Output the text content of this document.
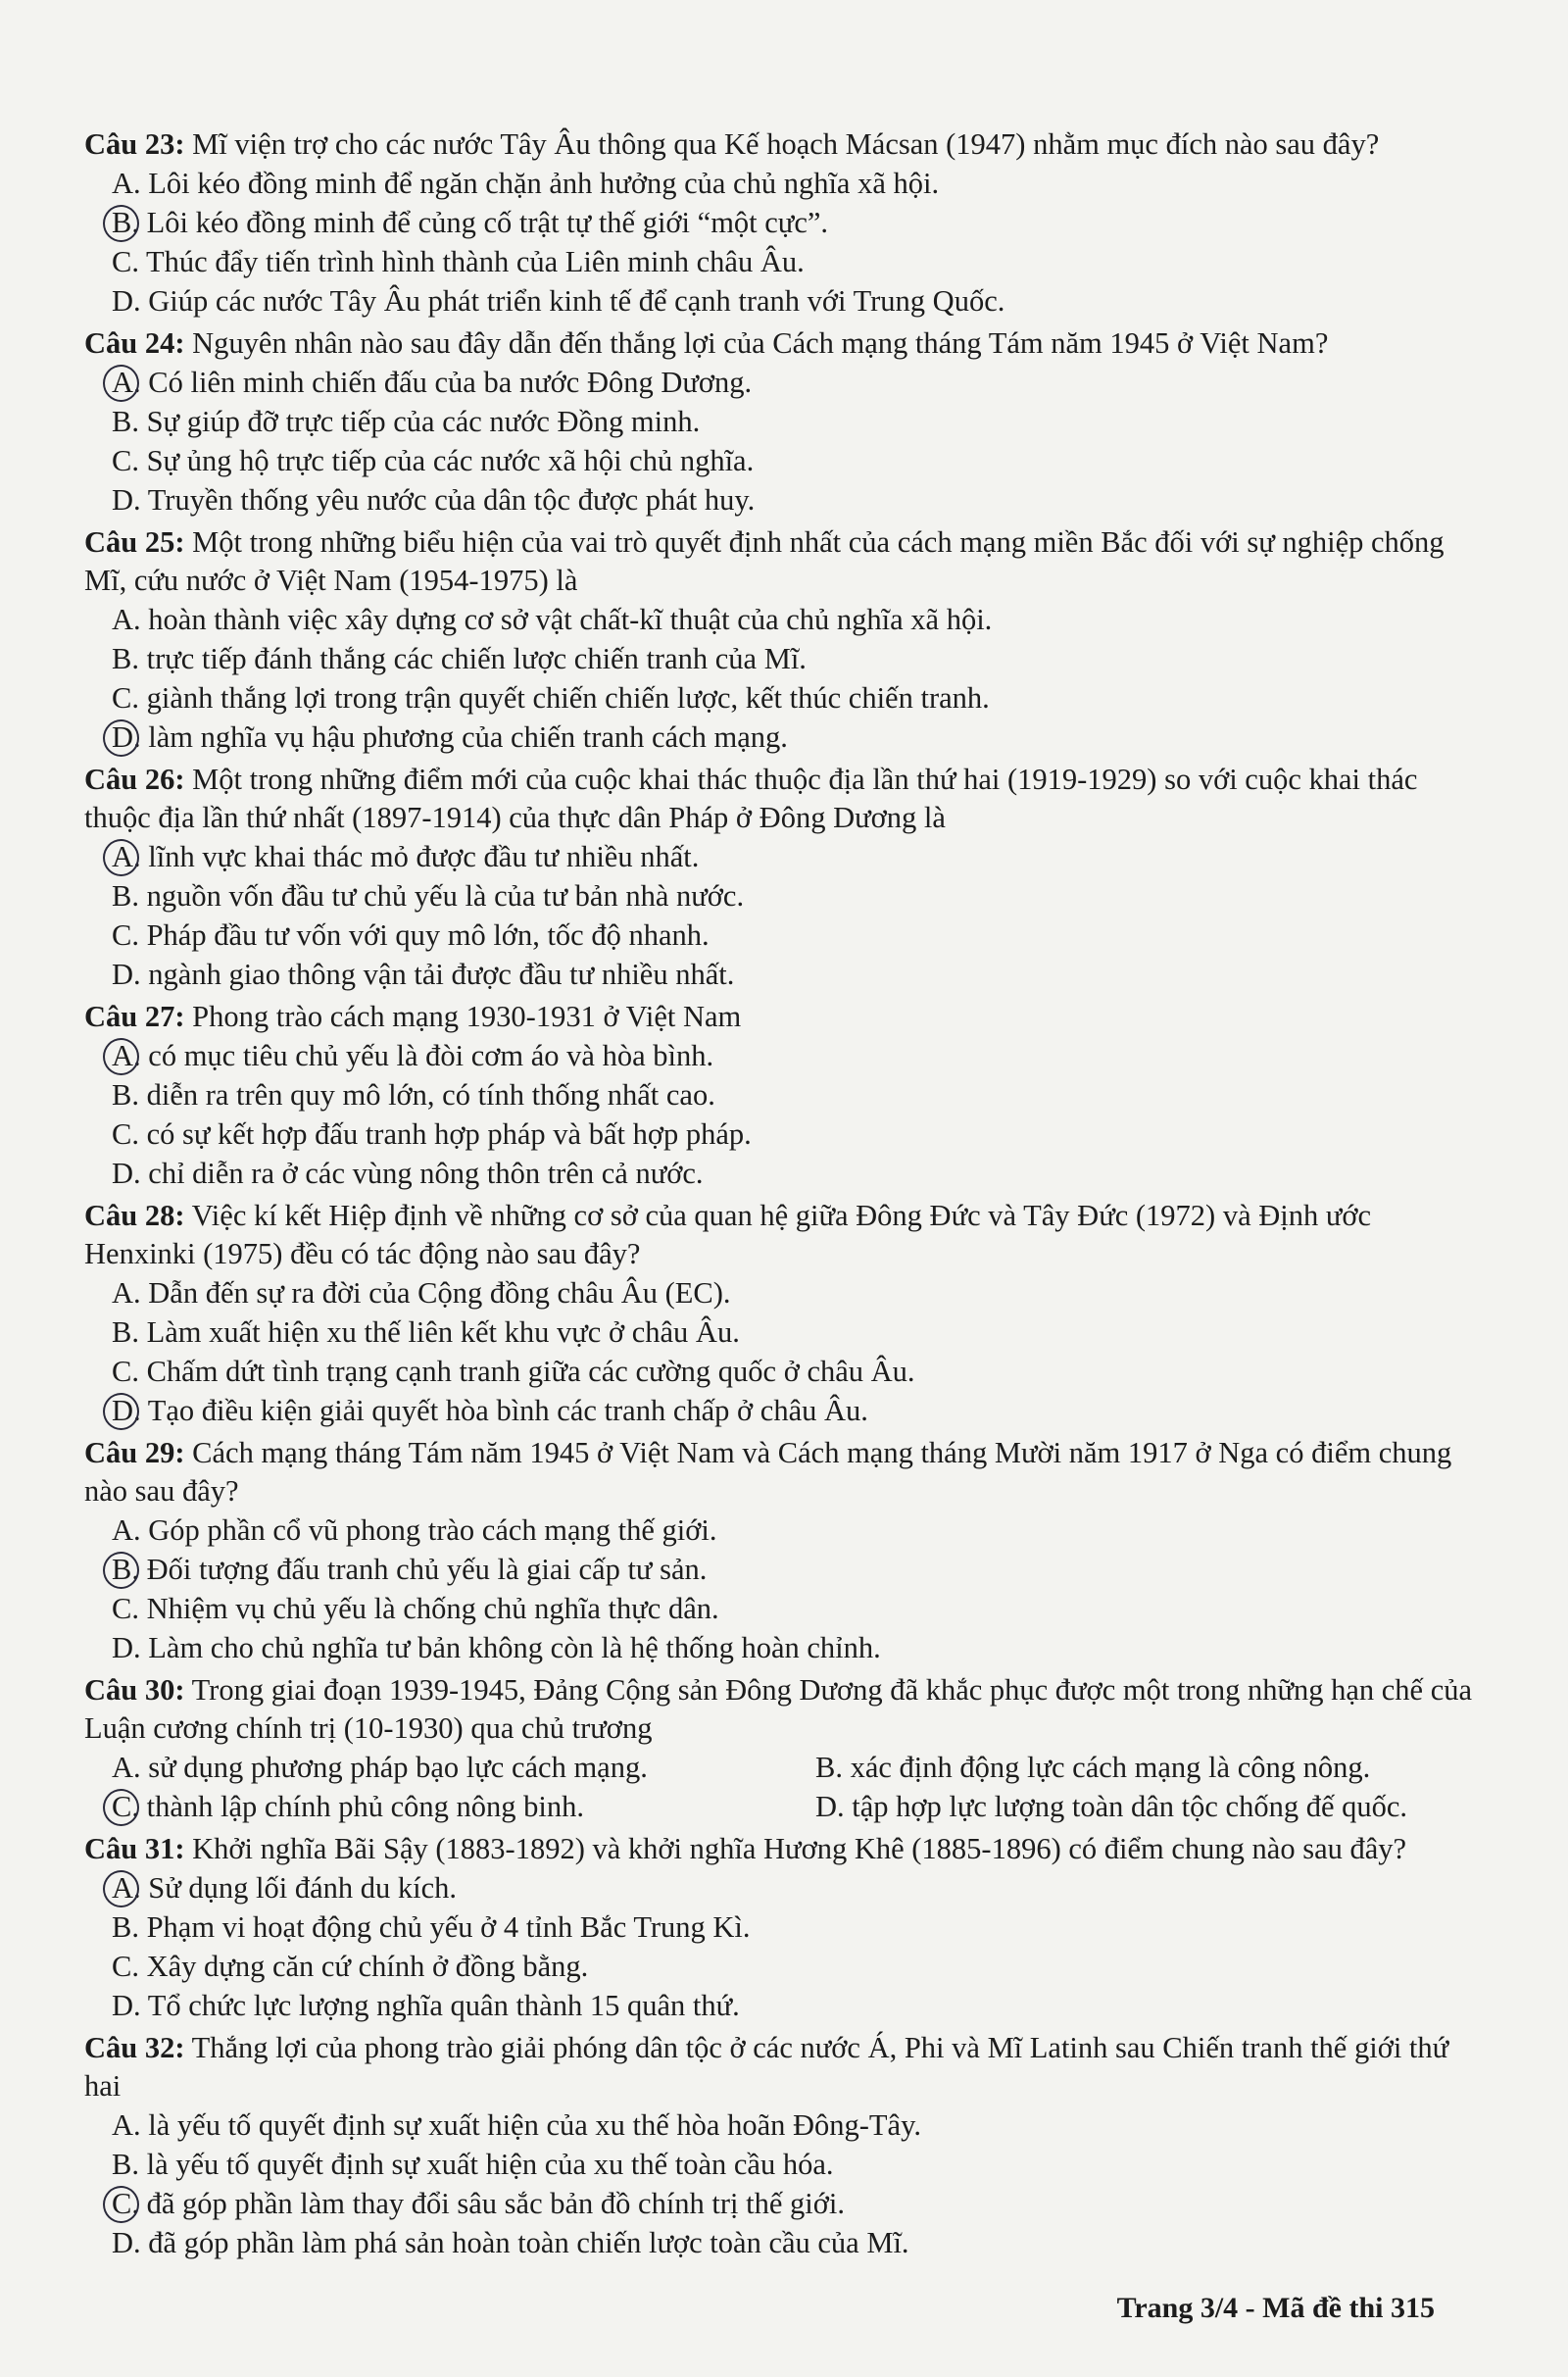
Câu 23: Mĩ viện trợ cho các nước Tây Âu thông qua Kế hoạch Mácsan (1947) nhằm mục đích nào sau đây?
A. Lôi kéo đồng minh để ngăn chặn ảnh hưởng của chủ nghĩa xã hội.
B. Lôi kéo đồng minh để củng cố trật tự thế giới “một cực”.
C. Thúc đẩy tiến trình hình thành của Liên minh châu Âu.
D. Giúp các nước Tây Âu phát triển kinh tế để cạnh tranh với Trung Quốc.
Câu 24: Nguyên nhân nào sau đây dẫn đến thắng lợi của Cách mạng tháng Tám năm 1945 ở Việt Nam?
A. Có liên minh chiến đấu của ba nước Đông Dương.
B. Sự giúp đỡ trực tiếp của các nước Đồng minh.
C. Sự ủng hộ trực tiếp của các nước xã hội chủ nghĩa.
D. Truyền thống yêu nước của dân tộc được phát huy.
Câu 25: Một trong những biểu hiện của vai trò quyết định nhất của cách mạng miền Bắc đối với sự nghiệp chống Mĩ, cứu nước ở Việt Nam (1954-1975) là
A. hoàn thành việc xây dựng cơ sở vật chất-kĩ thuật của chủ nghĩa xã hội.
B. trực tiếp đánh thắng các chiến lược chiến tranh của Mĩ.
C. giành thắng lợi trong trận quyết chiến chiến lược, kết thúc chiến tranh.
D. làm nghĩa vụ hậu phương của chiến tranh cách mạng.
Câu 26: Một trong những điểm mới của cuộc khai thác thuộc địa lần thứ hai (1919-1929) so với cuộc khai thác thuộc địa lần thứ nhất (1897-1914) của thực dân Pháp ở Đông Dương là
A. lĩnh vực khai thác mỏ được đầu tư nhiều nhất.
B. nguồn vốn đầu tư chủ yếu là của tư bản nhà nước.
C. Pháp đầu tư vốn với quy mô lớn, tốc độ nhanh.
D. ngành giao thông vận tải được đầu tư nhiều nhất.
Câu 27: Phong trào cách mạng 1930-1931 ở Việt Nam
A. có mục tiêu chủ yếu là đòi cơm áo và hòa bình.
B. diễn ra trên quy mô lớn, có tính thống nhất cao.
C. có sự kết hợp đấu tranh hợp pháp và bất hợp pháp.
D. chỉ diễn ra ở các vùng nông thôn trên cả nước.
Câu 28: Việc kí kết Hiệp định về những cơ sở của quan hệ giữa Đông Đức và Tây Đức (1972) và Định ước Henxinki (1975) đều có tác động nào sau đây?
A. Dẫn đến sự ra đời của Cộng đồng châu Âu (EC).
B. Làm xuất hiện xu thế liên kết khu vực ở châu Âu.
C. Chấm dứt tình trạng cạnh tranh giữa các cường quốc ở châu Âu.
D. Tạo điều kiện giải quyết hòa bình các tranh chấp ở châu Âu.
Câu 29: Cách mạng tháng Tám năm 1945 ở Việt Nam và Cách mạng tháng Mười năm 1917 ở Nga có điểm chung nào sau đây?
A. Góp phần cổ vũ phong trào cách mạng thế giới.
B. Đối tượng đấu tranh chủ yếu là giai cấp tư sản.
C. Nhiệm vụ chủ yếu là chống chủ nghĩa thực dân.
D. Làm cho chủ nghĩa tư bản không còn là hệ thống hoàn chỉnh.
Câu 30: Trong giai đoạn 1939-1945, Đảng Cộng sản Đông Dương đã khắc phục được một trong những hạn chế của Luận cương chính trị (10-1930) qua chủ trương
A. sử dụng phương pháp bạo lực cách mạng.	B. xác định động lực cách mạng là công nông.
C. thành lập chính phủ công nông binh.	D. tập hợp lực lượng toàn dân tộc chống đế quốc.
Câu 31: Khởi nghĩa Bãi Sậy (1883-1892) và khởi nghĩa Hương Khê (1885-1896) có điểm chung nào sau đây?
A. Sử dụng lối đánh du kích.
B. Phạm vi hoạt động chủ yếu ở 4 tỉnh Bắc Trung Kì.
C. Xây dựng căn cứ chính ở đồng bằng.
D. Tổ chức lực lượng nghĩa quân thành 15 quân thứ.
Câu 32: Thắng lợi của phong trào giải phóng dân tộc ở các nước Á, Phi và Mĩ Latinh sau Chiến tranh thế giới thứ hai
A. là yếu tố quyết định sự xuất hiện của xu thế hòa hoãn Đông-Tây.
B. là yếu tố quyết định sự xuất hiện của xu thế toàn cầu hóa.
C. đã góp phần làm thay đổi sâu sắc bản đồ chính trị thế giới.
D. đã góp phần làm phá sản hoàn toàn chiến lược toàn cầu của Mĩ.
Trang 3/4 - Mã đề thi 315
